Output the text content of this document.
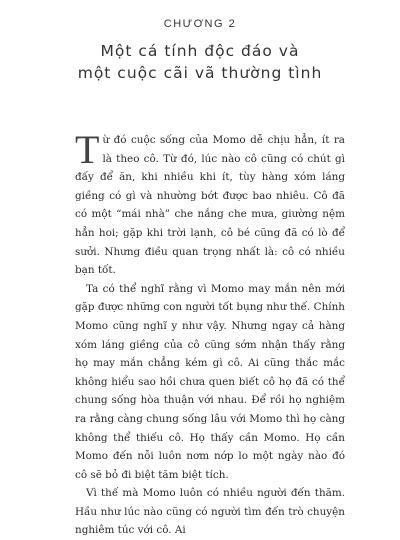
CHƯƠNG 2
Một cá tính độc đáo và
một cuộc cãi vã thường tình

Từ đó cuộc sống của Momo dễ chịu hẳn, ít ra là theo cô. Từ đó, lúc nào cô cũng có chút gì đấy để ăn, khi nhiều khi ít, tùy hàng xóm láng giềng có gì và nhường bớt được bao nhiêu. Cô đã có một “mái nhà” che nắng che mưa, giường nệm hẳn hoi; gặp khi trời lạnh, cô bé cũng đã có lò để sưởi. Nhưng điều quan trọng nhất là: cô có nhiều bạn tốt.

Ta có thể nghĩ rằng vì Momo may mắn nên mới gặp được những con người tốt bụng như thế. Chính Momo cũng nghĩ y như vậy. Nhưng ngay cả hàng xóm láng giềng của cô cũng sớm nhận thấy rằng họ may mắn chẳng kém gì cô. Ai cũng thắc mắc không hiểu sao hồi chưa quen biết cô họ đã có thể chung sống hòa thuận với nhau. Để rồi họ nghiệm ra rằng càng chung sống lâu với Momo thì họ càng không thể thiếu cô. Họ thấy cần Momo. Họ cần Momo đến nỗi luôn nơm nớp lo một ngày nào đó cô sẽ bỏ đi biệt tăm biệt tích.

Vì thế mà Momo luôn có nhiều người đến thăm. Hầu như lúc nào cũng có người tìm đến trò chuyện nghiêm túc với cô. Ai
